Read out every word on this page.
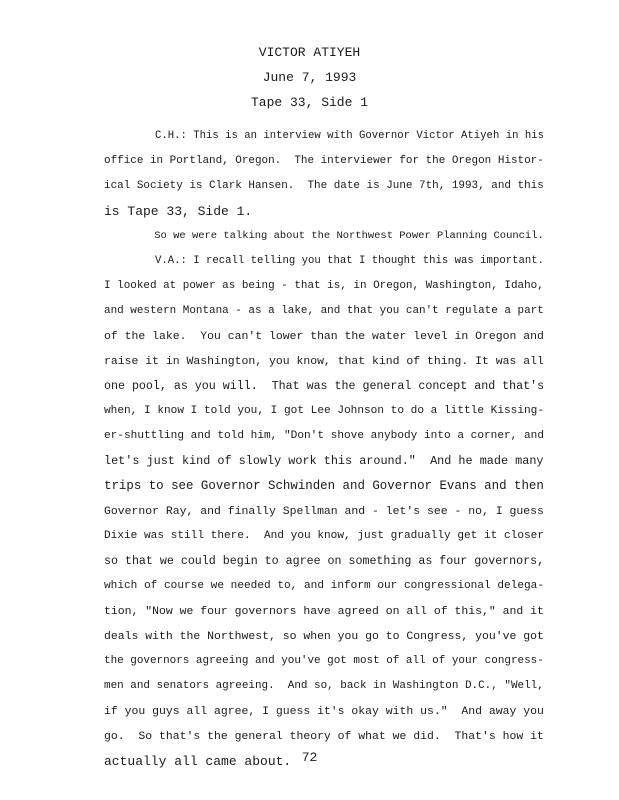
VICTOR ATIYEH
June 7, 1993
Tape 33, Side 1
C.H.: This is an interview with Governor Victor Atiyeh in his
office in Portland, Oregon.  The interviewer for the Oregon Histor-
ical Society is Clark Hansen.  The date is June 7th, 1993, and this
is Tape 33, Side 1.
So we were talking about the Northwest Power Planning Council.
V.A.: I recall telling you that I thought this was important.
I looked at power as being - that is, in Oregon, Washington, Idaho,
and western Montana - as a lake, and that you can't regulate a part
of the lake.  You can't lower than the water level in Oregon and
raise it in Washington, you know, that kind of thing. It was all
one pool, as you will.  That was the general concept and that's
when, I know I told you, I got Lee Johnson to do a little Kissing-
er-shuttling and told him, "Don't shove anybody into a corner, and
let's just kind of slowly work this around."  And he made many
trips to see Governor Schwinden and Governor Evans and then
Governor Ray, and finally Spellman and - let's see - no, I guess
Dixie was still there.  And you know, just gradually get it closer
so that we could begin to agree on something as four governors,
which of course we needed to, and inform our congressional delega-
tion, "Now we four governors have agreed on all of this," and it
deals with the Northwest, so when you go to Congress, you've got
the governors agreeing and you've got most of all of your congress-
men and senators agreeing.  And so, back in Washington D.C., "Well,
if you guys all agree, I guess it's okay with us."  And away you
go.  So that's the general theory of what we did.  That's how it
actually all came about. 72
